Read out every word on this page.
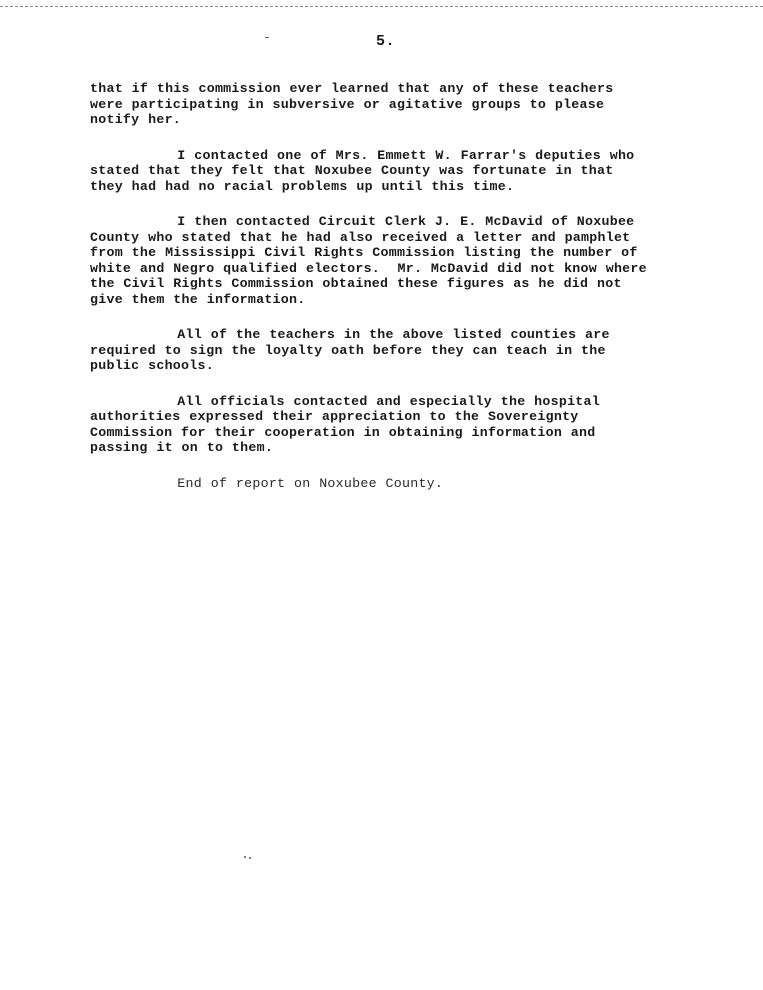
5.

that if this commission ever learned that any of these teachers
were participating in subversive or agitative groups to please
notify her.

I contacted one of Mrs. Emmett W. Farrar's deputies who
stated that they felt that Noxubee County was fortunate in that
they had had no racial problems up until this time.

I then contacted Circuit Clerk J. E. McDavid of Noxubee
County who stated that he had also received a letter and pamphlet
from the Mississippi Civil Rights Commission listing the number of
white and Negro qualified electors.  Mr. McDavid did not know where
the Civil Rights Commission obtained these figures as he did not
give them the information.

All of the teachers in the above listed counties are
required to sign the loyalty oath before they can teach in the
public schools.

All officials contacted and especially the hospital
authorities expressed their appreciation to the Sovereignty
Commission for their cooperation in obtaining information and
passing it on to them.

End of report on Noxubee County.
